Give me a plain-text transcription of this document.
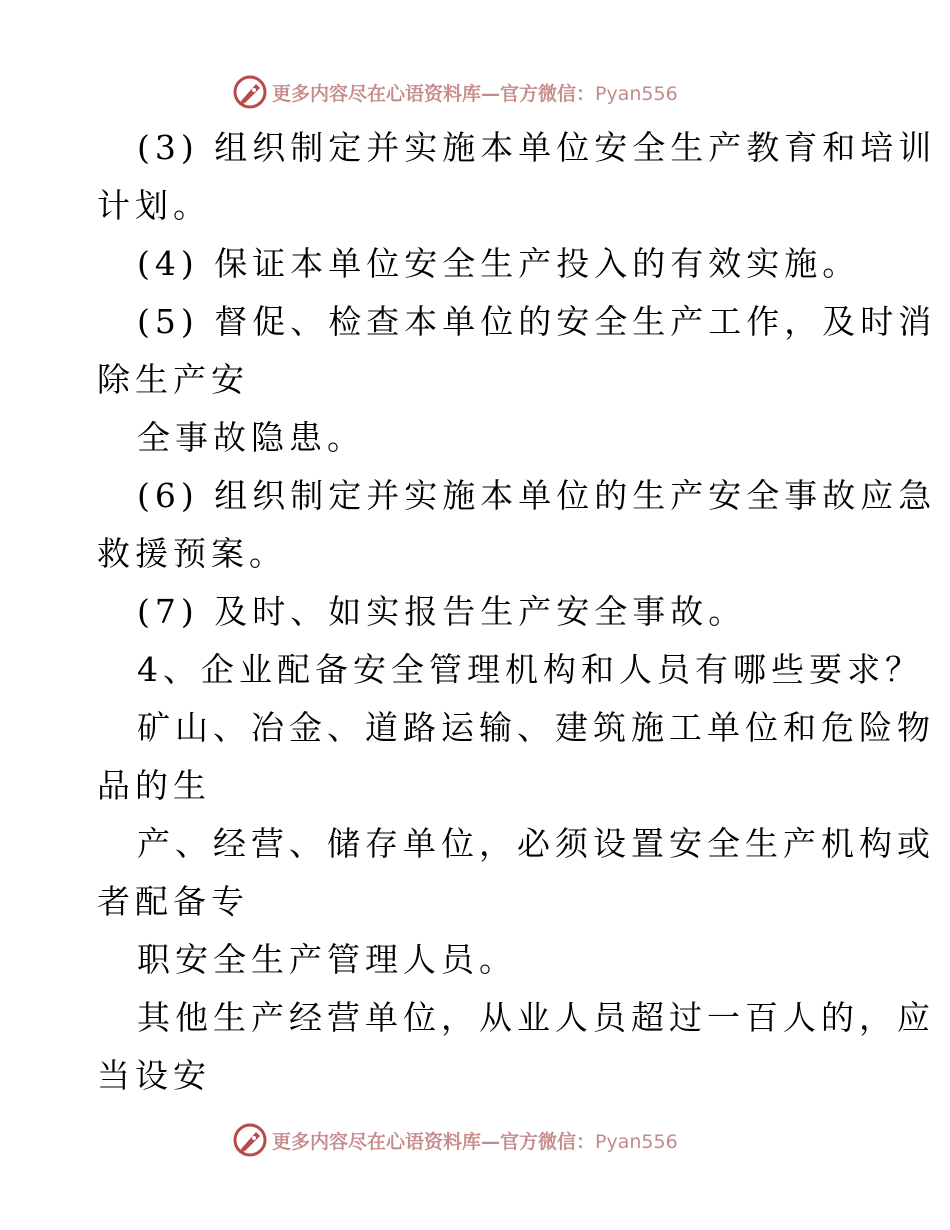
更多内容尽在心语资料库—官方微信：Pyan556
(3) 组织制定并实施本单位安全生产教育和培训
计划。
(4) 保证本单位安全生产投入的有效实施。
(5) 督促、检查本单位的安全生产工作，及时消
除生产安
全事故隐患。
(6) 组织制定并实施本单位的生产安全事故应急
救援预案。
(7) 及时、如实报告生产安全事故。
4、企业配备安全管理机构和人员有哪些要求？
矿山、冶金、道路运输、建筑施工单位和危险物
品的生
产、经营、储存单位，必须设置安全生产机构或
者配备专
职安全生产管理人员。
其他生产经营单位，从业人员超过一百人的，应
当设安
更多内容尽在心语资料库—官方微信：Pyan556
